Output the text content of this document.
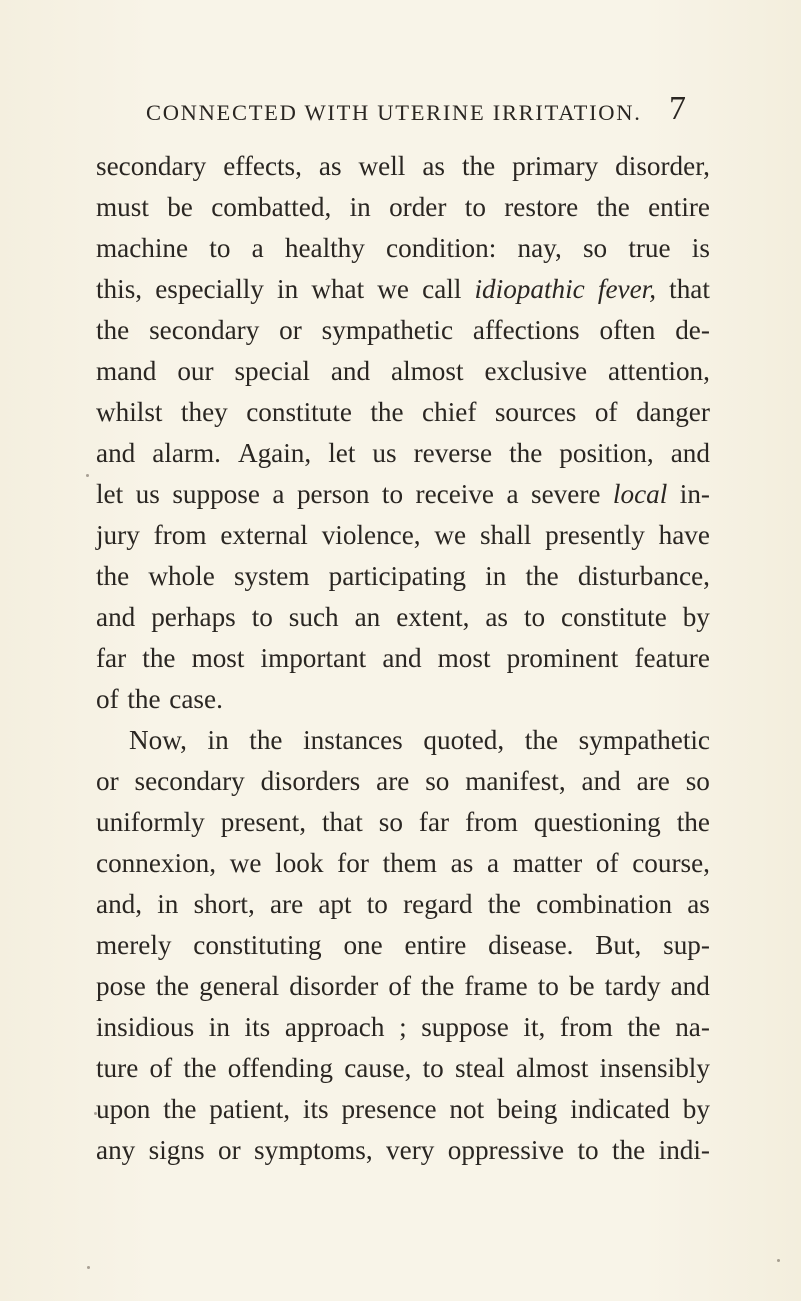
CONNECTED WITH UTERINE IRRITATION. 7
secondary effects, as well as the primary disorder,
must be combatted, in order to restore the entire
machine to a healthy condition: nay, so true is
this, especially in what we call idiopathic fever, that
the secondary or sympathetic affections often de-
mand our special and almost exclusive attention,
whilst they constitute the chief sources of danger
and alarm. Again, let us reverse the position, and
let us suppose a person to receive a severe local in-
jury from external violence, we shall presently have
the whole system participating in the disturbance,
and perhaps to such an extent, as to constitute by
far the most important and most prominent feature
of the case.
Now, in the instances quoted, the sympathetic
or secondary disorders are so manifest, and are so
uniformly present, that so far from questioning the
connexion, we look for them as a matter of course,
and, in short, are apt to regard the combination as
merely constituting one entire disease. But, sup-
pose the general disorder of the frame to be tardy and
insidious in its approach ; suppose it, from the na-
ture of the offending cause, to steal almost insensibly
upon the patient, its presence not being indicated by
any signs or symptoms, very oppressive to the indi-
